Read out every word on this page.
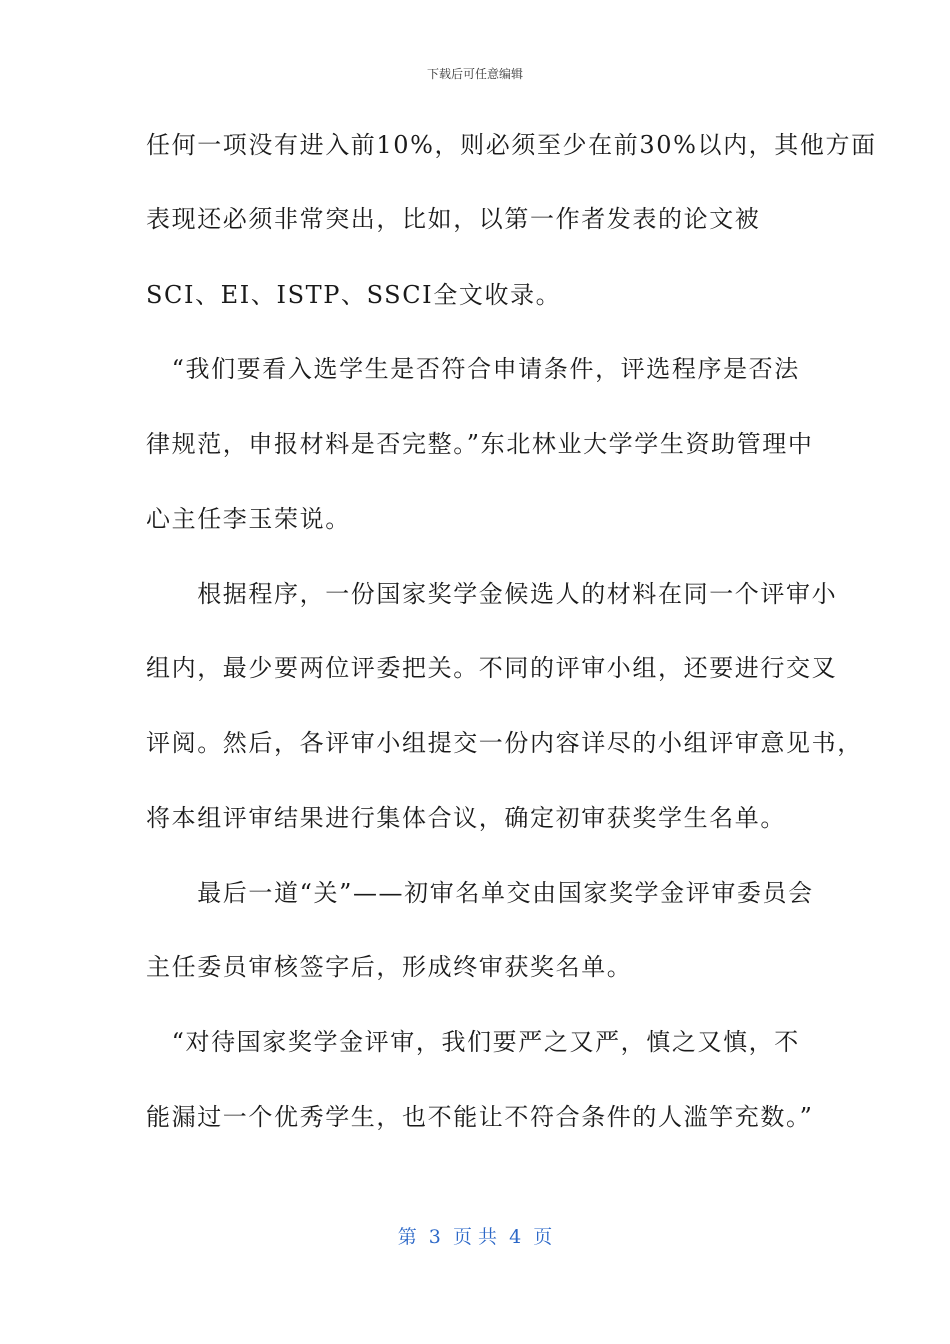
下载后可任意编辑
任何一项没有进入前10%，则必须至少在前30%以内，其他方面
表现还必须非常突出，比如，以第一作者发表的论文被
SCI、EI、ISTP、SSCI全文收录。
　“我们要看入选学生是否符合申请条件，评选程序是否法
律规范，申报材料是否完整。”东北林业大学学生资助管理中
心主任李玉荣说。
　　根据程序，一份国家奖学金候选人的材料在同一个评审小
组内，最少要两位评委把关。不同的评审小组，还要进行交叉
评阅。然后，各评审小组提交一份内容详尽的小组评审意见书，
将本组评审结果进行集体合议，确定初审获奖学生名单。
　　最后一道“关”——初审名单交由国家奖学金评审委员会
主任委员审核签字后，形成终审获奖名单。
　“对待国家奖学金评审，我们要严之又严，慎之又慎，不
能漏过一个优秀学生，也不能让不符合条件的人滥竽充数。”
第  3  页 共  4  页
